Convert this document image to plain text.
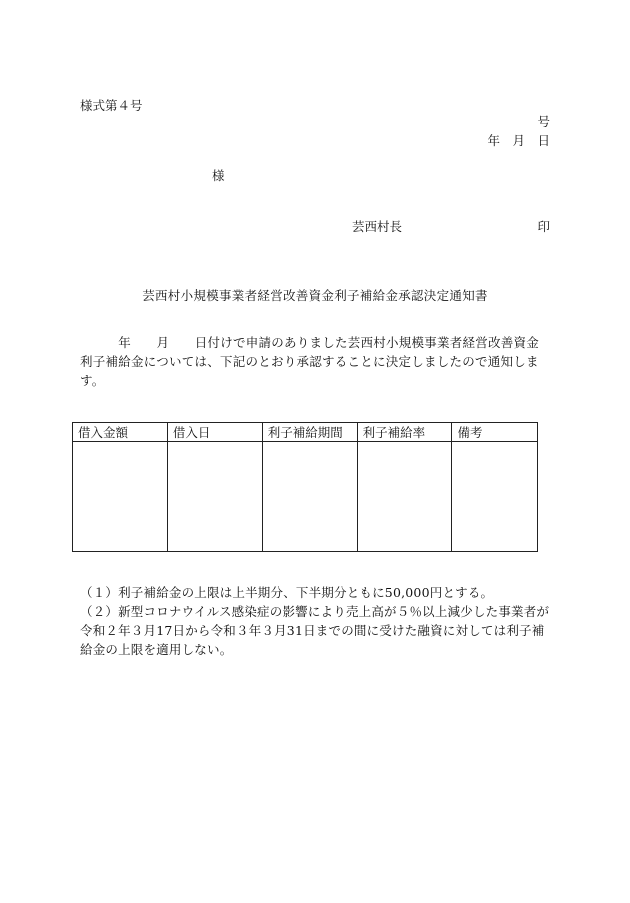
様式第４号
号
年　月　日
様
芸西村長	印
芸西村小規模事業者経営改善資金利子補給金承認決定通知書
　　　年　　月　　日付けで申請のありました芸西村小規模事業者経営改善資金利子補給金については、下記のとおり承認することに決定しましたので通知します。
借入金額	借入日	利子補給期間	利子補給率	備考

（１）利子補給金の上限は上半期分、下半期分ともに50,000円とする。

（２）新型コロナウイルス感染症の影響により売上高が５％以上減少した事業者が令和２年３月17日から令和３年３月31日までの間に受けた融資に対しては利子補給金の上限を適用しない。
